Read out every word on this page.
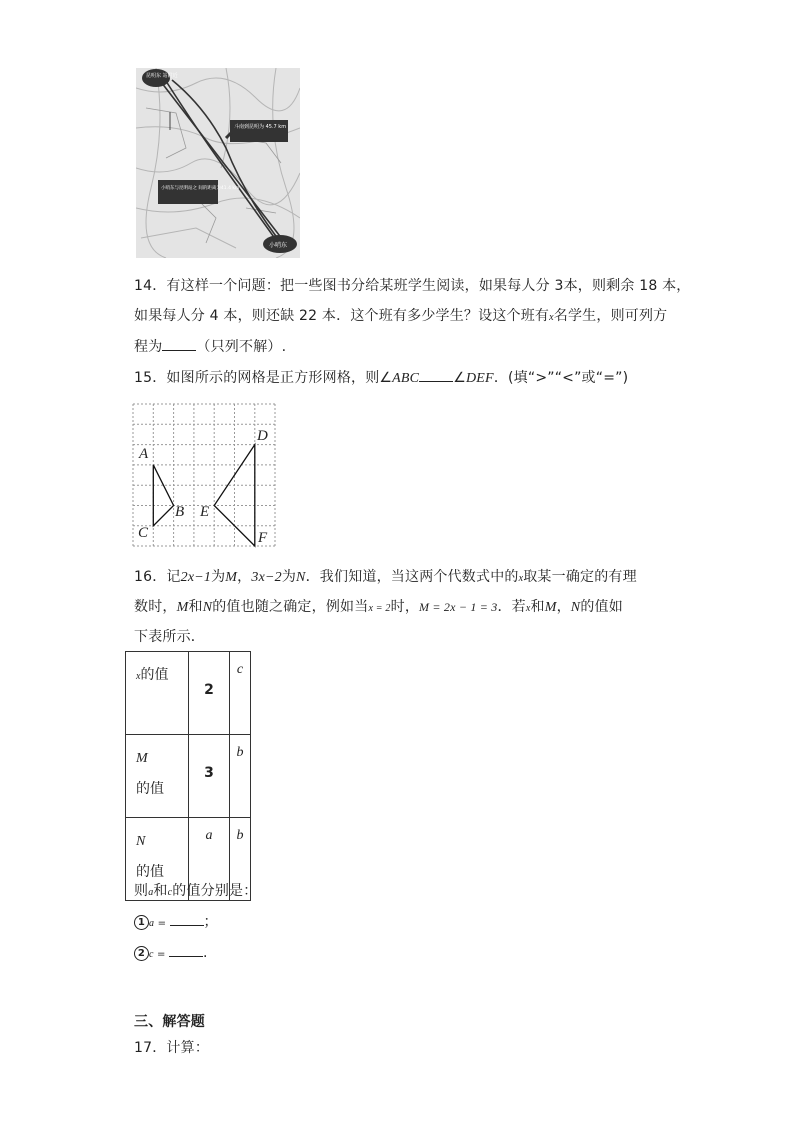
昆明东 站附近
斗南到昆明为 45.7 km
小哨东与昆明站之 间的距离为41.4 km
小哨东
14．有这样一个问题：把一些图书分给某班学生阅读，如果每人分 3本，则剩余 18 本，
如果每人分 4 本，则还缺 22 本．这个班有多少学生？设这个班有x名学生，则可列方
程为 （只列不解）.
15．如图所示的网格是正方形网格，则∠ABC ∠DEF．(填“>”“<”或“=”)
A
B
C
D
E
F
16．记2x−1为M，3x−2为N．我们知道，当这两个代数式中的x取某一确定的有理
数时，M和N的值也随之确定，例如当x = 2时，M = 2x − 1 = 3．若x和M，N的值如
下表所示．
x的值	2	c
M
的值	3	b
N
的值	a	b
则a和c的值分别是：
1 a = ；
2 c = .
三、解答题
17．计算：
